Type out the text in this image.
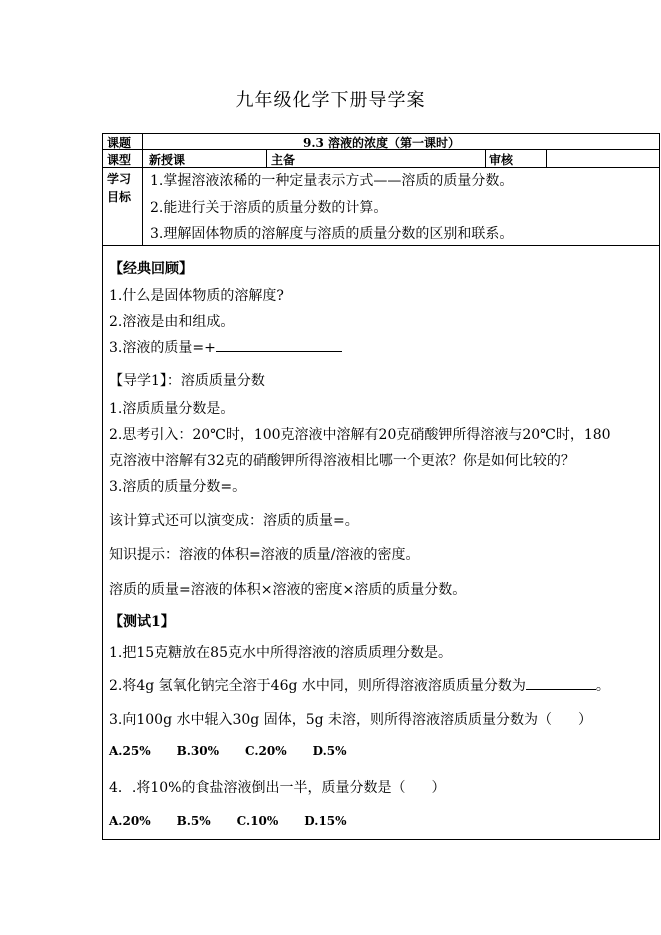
九年级化学下册导学案
课题	9.3 溶液的浓度（第一课时）
课型 新授课	主备	审核
学习
目标
1.掌握溶液浓稀的一种定量表示方式——溶质的质量分数。
2.能进行关于溶质的质量分数的计算。
3.理解固体物质的溶解度与溶质的质量分数的区别和联系。
【经典回顾】
1.什么是固体物质的溶解度?
2.溶液是由和组成。
3.溶液的质量=+
【导学1】：溶质质量分数
1.溶质质量分数是。
2.思考引入：20℃时，100克溶液中溶解有20克硝酸钾所得溶液与20℃时，180
克溶液中溶解有32克的硝酸钾所得溶液相比哪一个更浓？你是如何比较的？
3.溶质的质量分数=。
该计算式还可以演变成：溶质的质量=。
知识提示：溶液的体积=溶液的质量/溶液的密度。
溶质的质量=溶液的体积×溶液的密度×溶质的质量分数。
【测试1】
1.把15克糖放在85克水中所得溶液的溶质质理分数是。
2.将4g 氢氧化钠完全溶于46g 水中同，则所得溶液溶质质量分数为	。
3.向100g 水中辊入30g 固体，5g 未溶，则所得溶液溶质质量分数为（ ）
A.25% B.30% C.20% D.5%
4．.将10%的食盐溶液倒出一半，质量分数是（ ）
A.20% B.5% C.10% D.15%
